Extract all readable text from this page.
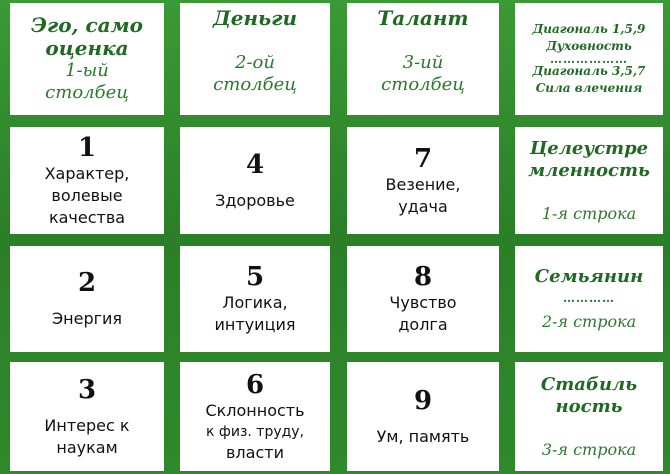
Эго, само
оценка
1-ый
столбец
Деньги
2-ой
столбец
Талант
3-ий
столбец
Диагональ 1,5,9
Духовность
………………
Диагональ 3,5,7
Сила влечения
1
Характер,
волевые
качества
4
Здоровье
7
Везение,
удача
Целеустре
мленность
1-я строка
2
Энергия
5
Логика,
интуиция
8
Чувство
долга
Семьянин
…………
2-я строка
3
Интерес к
наукам
6
Склонность
к физ. труду,
власти
9
Ум, память
Стабиль
ность
3-я строка
